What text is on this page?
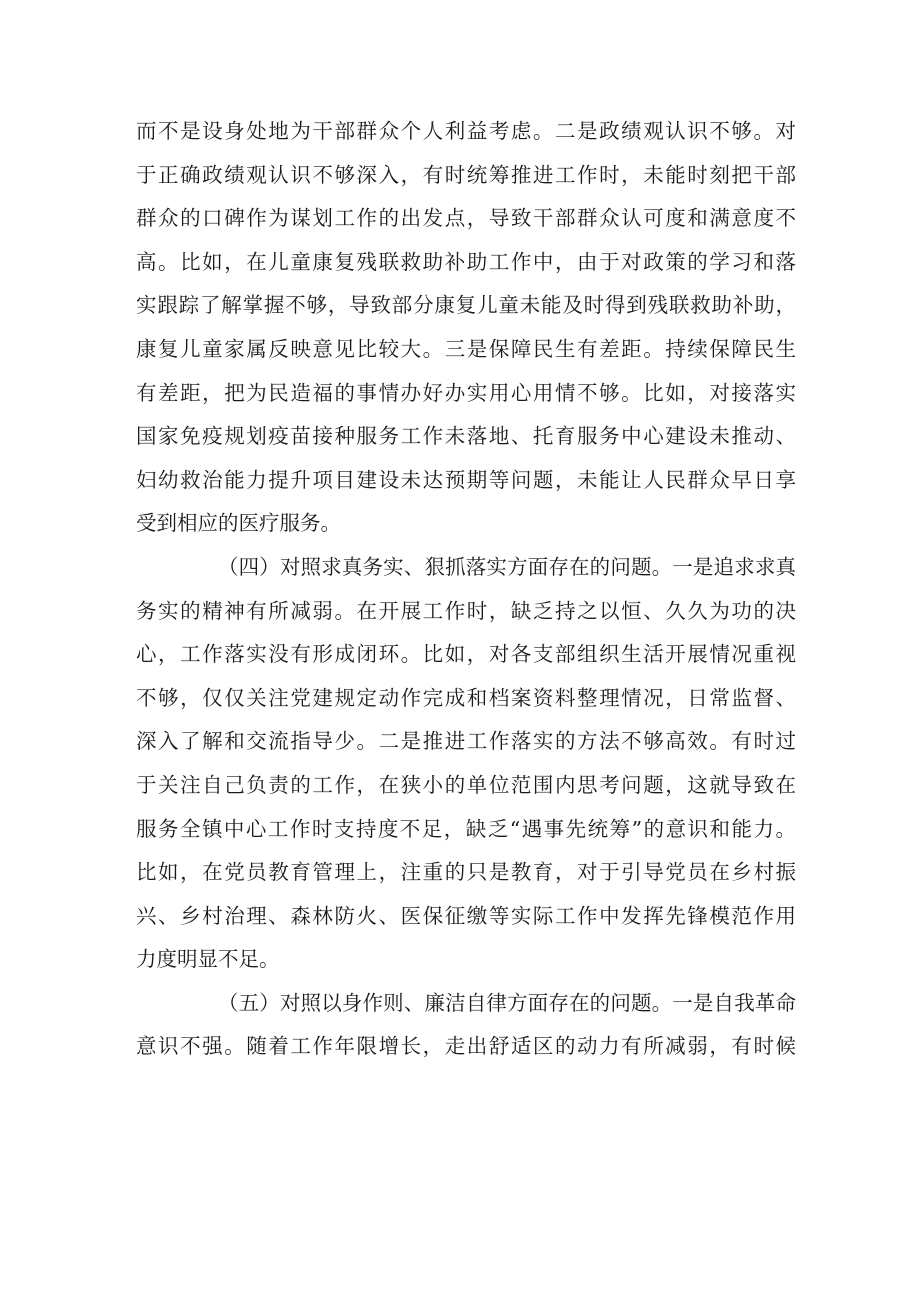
而不是设身处地为干部群众个人利益考虑。二是政绩观认识不够。对
于正确政绩观认识不够深入，有时统筹推进工作时，未能时刻把干部
群众的口碑作为谋划工作的出发点，导致干部群众认可度和满意度不
高。比如，在儿童康复残联救助补助工作中，由于对政策的学习和落
实跟踪了解掌握不够，导致部分康复儿童未能及时得到残联救助补助，
康复儿童家属反映意见比较大。三是保障民生有差距。持续保障民生
有差距，把为民造福的事情办好办实用心用情不够。比如，对接落实
国家免疫规划疫苗接种服务工作未落地、托育服务中心建设未推动、
妇幼救治能力提升项目建设未达预期等问题，未能让人民群众早日享
受到相应的医疗服务。
（四）对照求真务实、狠抓落实方面存在的问题。一是追求求真
务实的精神有所减弱。在开展工作时，缺乏持之以恒、久久为功的决
心，工作落实没有形成闭环。比如，对各支部组织生活开展情况重视
不够，仅仅关注党建规定动作完成和档案资料整理情况，日常监督、
深入了解和交流指导少。二是推进工作落实的方法不够高效。有时过
于关注自己负责的工作，在狭小的单位范围内思考问题，这就导致在
服务全镇中心工作时支持度不足，缺乏“遇事先统筹”的意识和能力。
比如，在党员教育管理上，注重的只是教育，对于引导党员在乡村振
兴、乡村治理、森林防火、医保征缴等实际工作中发挥先锋模范作用
力度明显不足。
（五）对照以身作则、廉洁自律方面存在的问题。一是自我革命
意识不强。随着工作年限增长，走出舒适区的动力有所减弱，有时候
